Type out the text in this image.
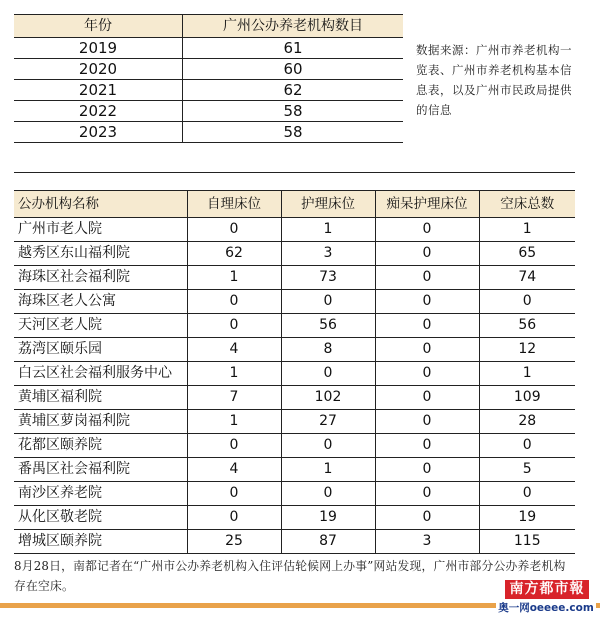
年份	广州公办养老机构数目
2019	61
2020	60
2021	62
2022	58
2023	58
数据来源：广州市养老机构一览表、广州市养老机构基本信息表，以及广州市民政局提供的信息
公办机构名称	自理床位	护理床位	痴呆护理床位	空床总数
广州市老人院	0	1	0	1
越秀区东山福利院	62	3	0	65
海珠区社会福利院	1	73	0	74
海珠区老人公寓	0	0	0	0
天河区老人院	0	56	0	56
荔湾区颐乐园	4	8	0	12
白云区社会福利服务中心	1	0	0	1
黄埔区福利院	7	102	0	109
黄埔区萝岗福利院	1	27	0	28
花都区颐养院	0	0	0	0
番禺区社会福利院	4	1	0	5
南沙区养老院	0	0	0	0
从化区敬老院	0	19	0	19
增城区颐养院	25	87	3	115
8月28日，南都记者在“广州市公办养老机构入住评估轮候网上办事”网站发现，广州市部分公办养老机构存在空床。	南方都市報
奥一网oeeee.com
